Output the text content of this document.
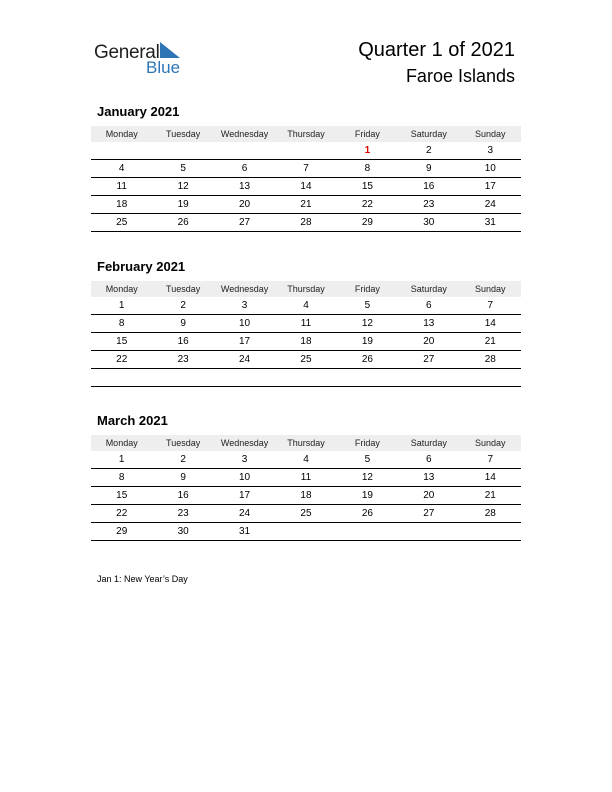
General
Blue
Quarter 1 of 2021
Faroe Islands
January 2021
Monday	Tuesday	Wednesday	Thursday	Friday	Saturday	Sunday
				1	2	3
4	5	6	7	8	9	10
11	12	13	14	15	16	17
18	19	20	21	22	23	24
25	26	27	28	29	30	31
February 2021
Monday	Tuesday	Wednesday	Thursday	Friday	Saturday	Sunday
1	2	3	4	5	6	7
8	9	10	11	12	13	14
15	16	17	18	19	20	21
22	23	24	25	26	27	28

March 2021
Monday	Tuesday	Wednesday	Thursday	Friday	Saturday	Sunday
1	2	3	4	5	6	7
8	9	10	11	12	13	14
15	16	17	18	19	20	21
22	23	24	25	26	27	28
29	30	31				
Jan 1: New Year’s Day
